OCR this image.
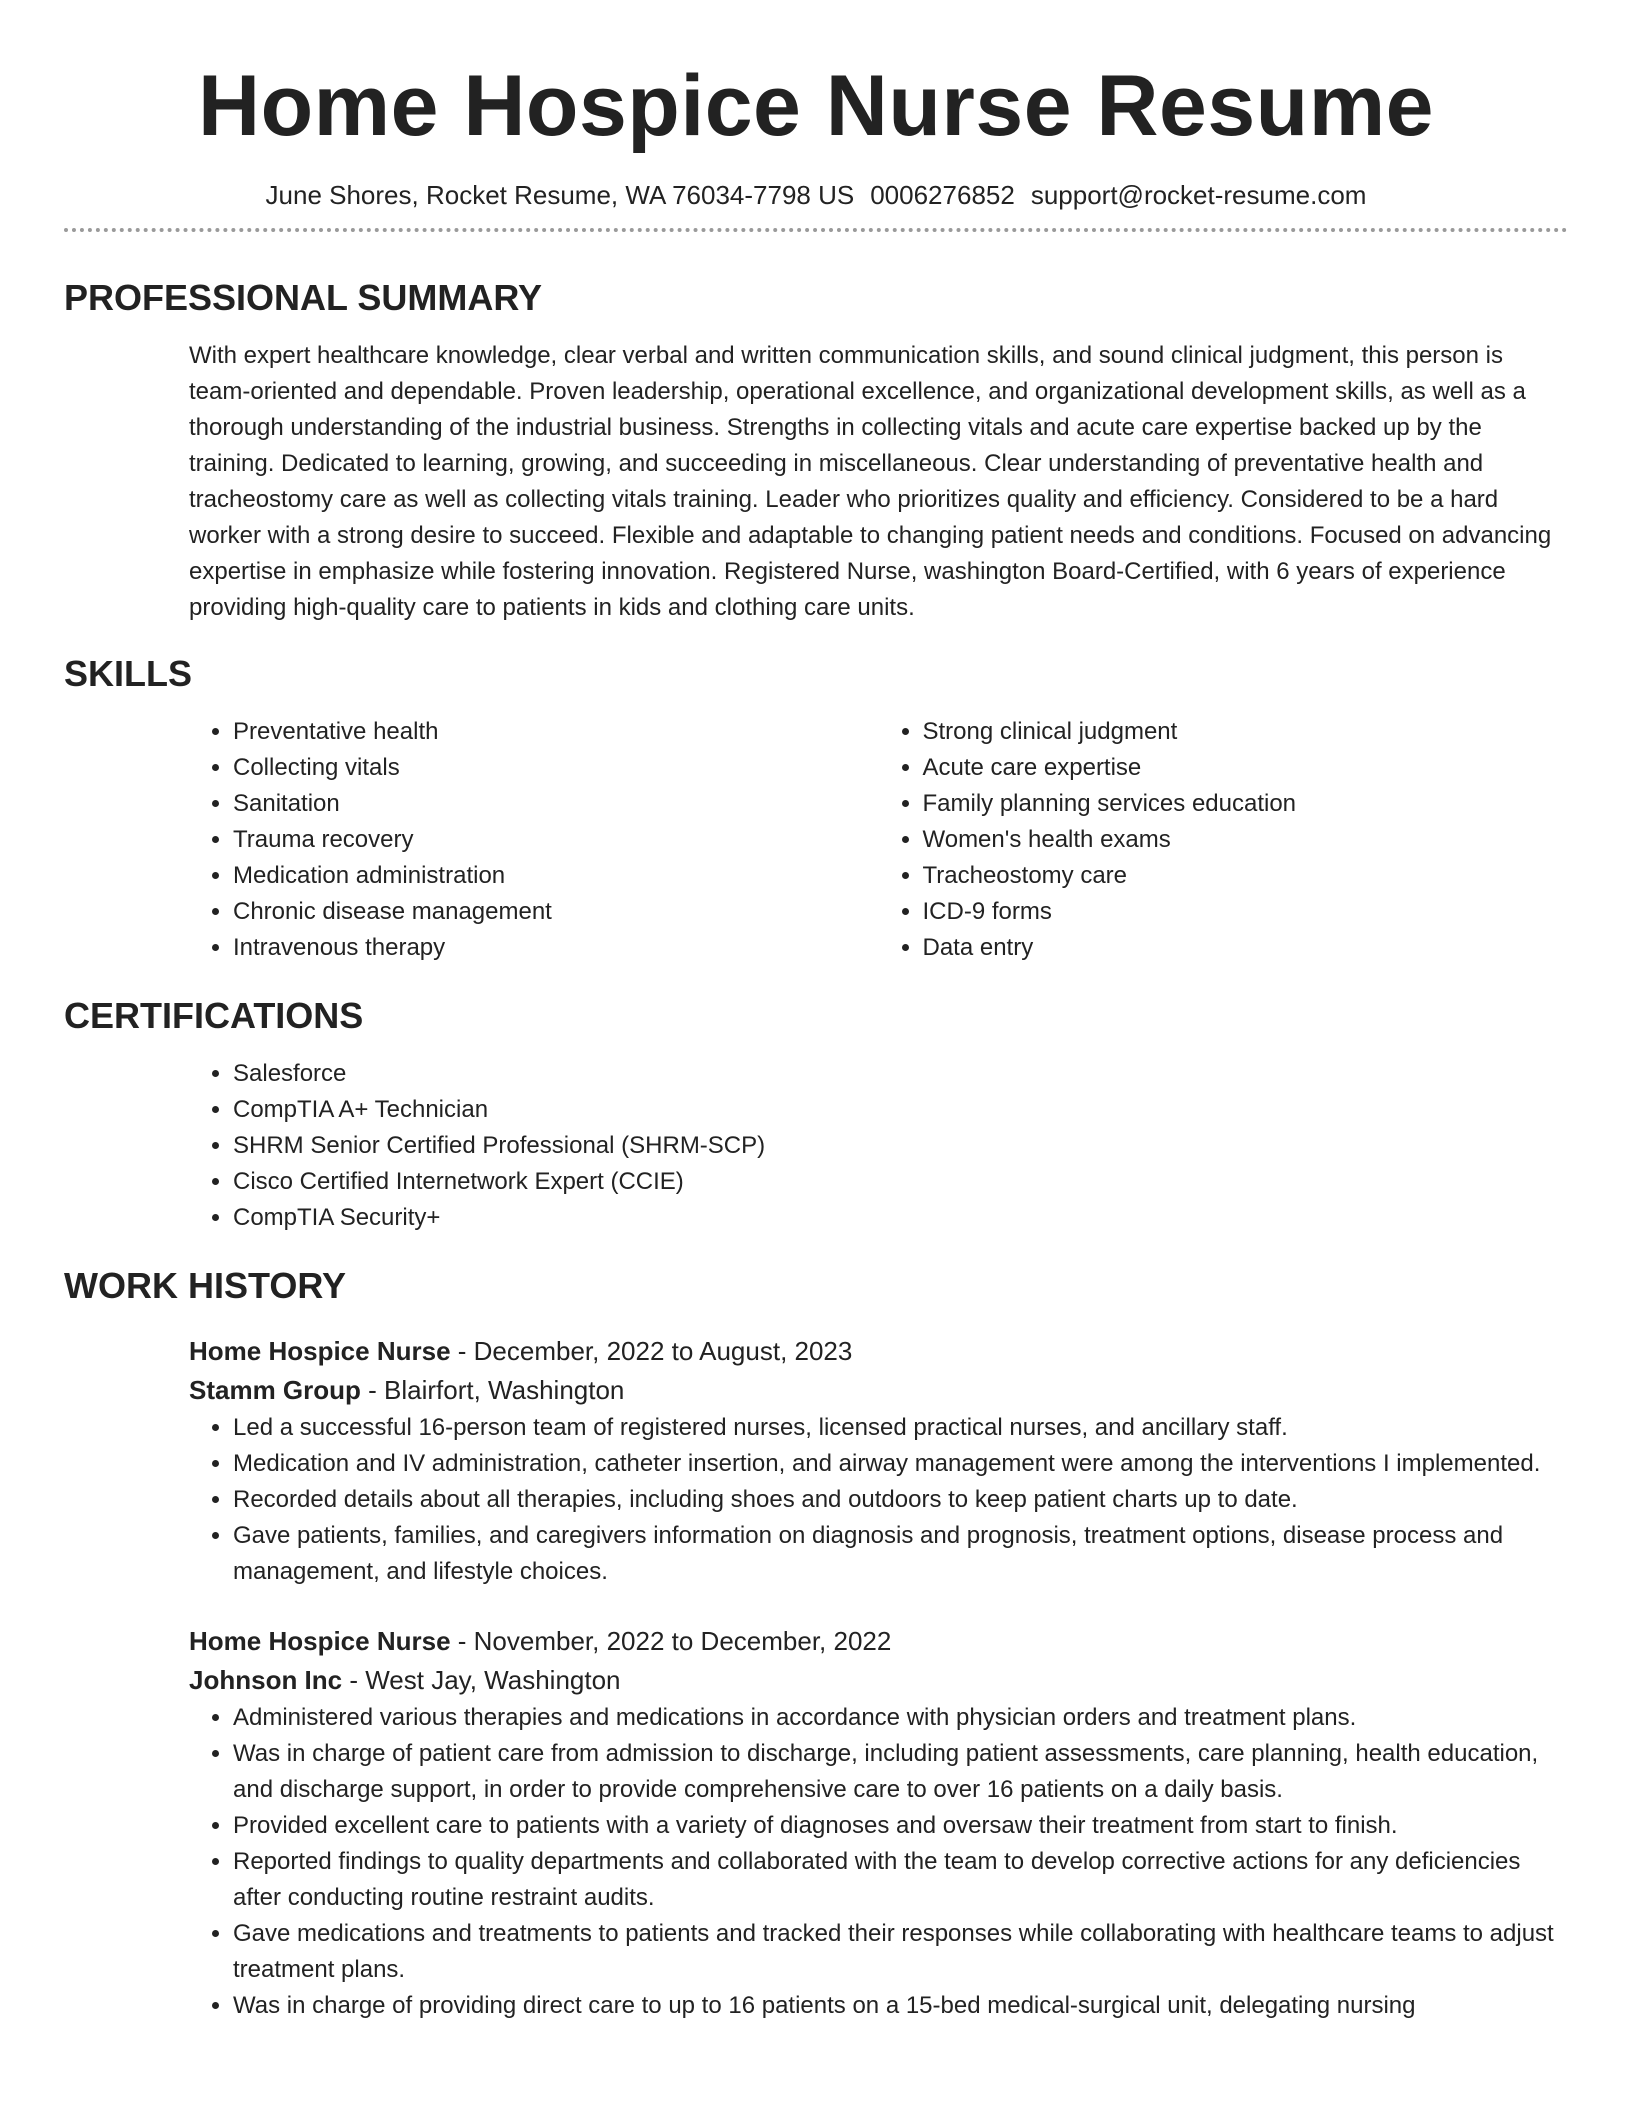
Home Hospice Nurse Resume
June Shores, Rocket Resume, WA 76034-7798 US 0006276852 support@rocket-resume.com
PROFESSIONAL SUMMARY
With expert healthcare knowledge, clear verbal and written communication skills, and sound clinical judgment, this person is team-oriented and dependable. Proven leadership, operational excellence, and organizational development skills, as well as a thorough understanding of the industrial business. Strengths in collecting vitals and acute care expertise backed up by the training. Dedicated to learning, growing, and succeeding in miscellaneous. Clear understanding of preventative health and tracheostomy care as well as collecting vitals training. Leader who prioritizes quality and efficiency. Considered to be a hard worker with a strong desire to succeed. Flexible and adaptable to changing patient needs and conditions. Focused on advancing expertise in emphasize while fostering innovation. Registered Nurse, washington Board-Certified, with 6 years of experience providing high-quality care to patients in kids and clothing care units.
SKILLS
• Preventative health
• Collecting vitals
• Sanitation
• Trauma recovery
• Medication administration
• Chronic disease management
• Intravenous therapy
• Strong clinical judgment
• Acute care expertise
• Family planning services education
• Women's health exams
• Tracheostomy care
• ICD-9 forms
• Data entry
CERTIFICATIONS
• Salesforce
• CompTIA A+ Technician
• SHRM Senior Certified Professional (SHRM-SCP)
• Cisco Certified Internetwork Expert (CCIE)
• CompTIA Security+
WORK HISTORY
Home Hospice Nurse - December, 2022 to August, 2023
Stamm Group - Blairfort, Washington
• Led a successful 16-person team of registered nurses, licensed practical nurses, and ancillary staff.
• Medication and IV administration, catheter insertion, and airway management were among the interventions I implemented.
• Recorded details about all therapies, including shoes and outdoors to keep patient charts up to date.
• Gave patients, families, and caregivers information on diagnosis and prognosis, treatment options, disease process and management, and lifestyle choices.
Home Hospice Nurse - November, 2022 to December, 2022
Johnson Inc - West Jay, Washington
• Administered various therapies and medications in accordance with physician orders and treatment plans.
• Was in charge of patient care from admission to discharge, including patient assessments, care planning, health education, and discharge support, in order to provide comprehensive care to over 16 patients on a daily basis.
• Provided excellent care to patients with a variety of diagnoses and oversaw their treatment from start to finish.
• Reported findings to quality departments and collaborated with the team to develop corrective actions for any deficiencies after conducting routine restraint audits.
• Gave medications and treatments to patients and tracked their responses while collaborating with healthcare teams to adjust treatment plans.
• Was in charge of providing direct care to up to 16 patients on a 15-bed medical-surgical unit, delegating nursing
